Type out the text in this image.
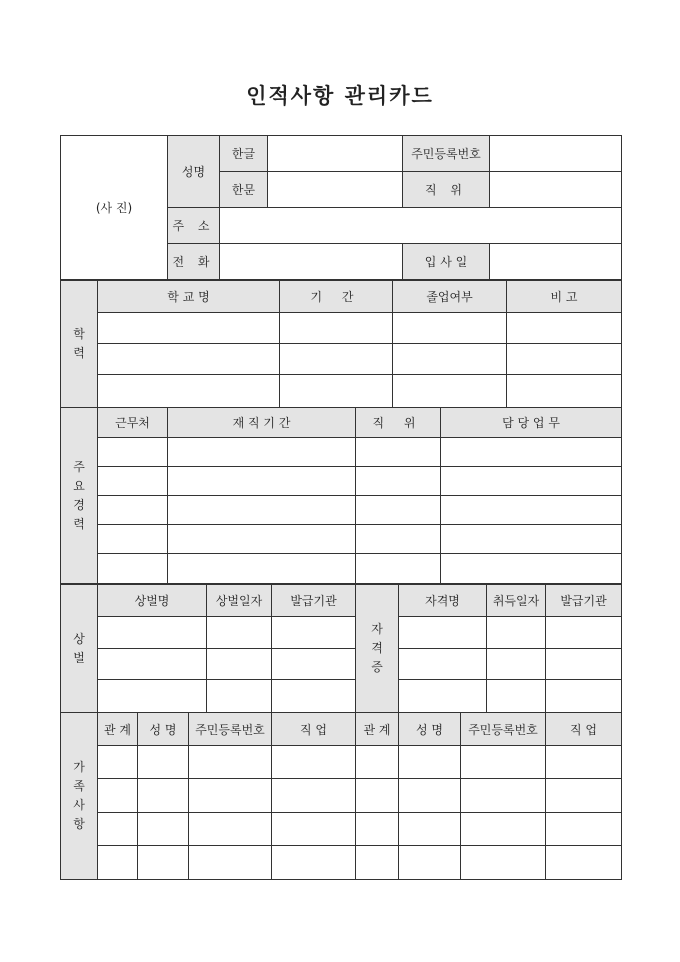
인적사항 관리카드
(사 진)	성명	한글		주민등록번호	
		한문		직 위	
	주 소				
	전 화			입 사 일	
학력	학 교 명	기 간	졸업여부	비 고

주요경력	근무처	재 직 기 간	직 위	담 당 업 무

상벌	상벌명	상벌일자	발급기관	자격증	자격명	취득일자	발급기관

가족사항	관 계	성 명	주민등록번호	직 업	관 계	성 명	주민등록번호	직 업
